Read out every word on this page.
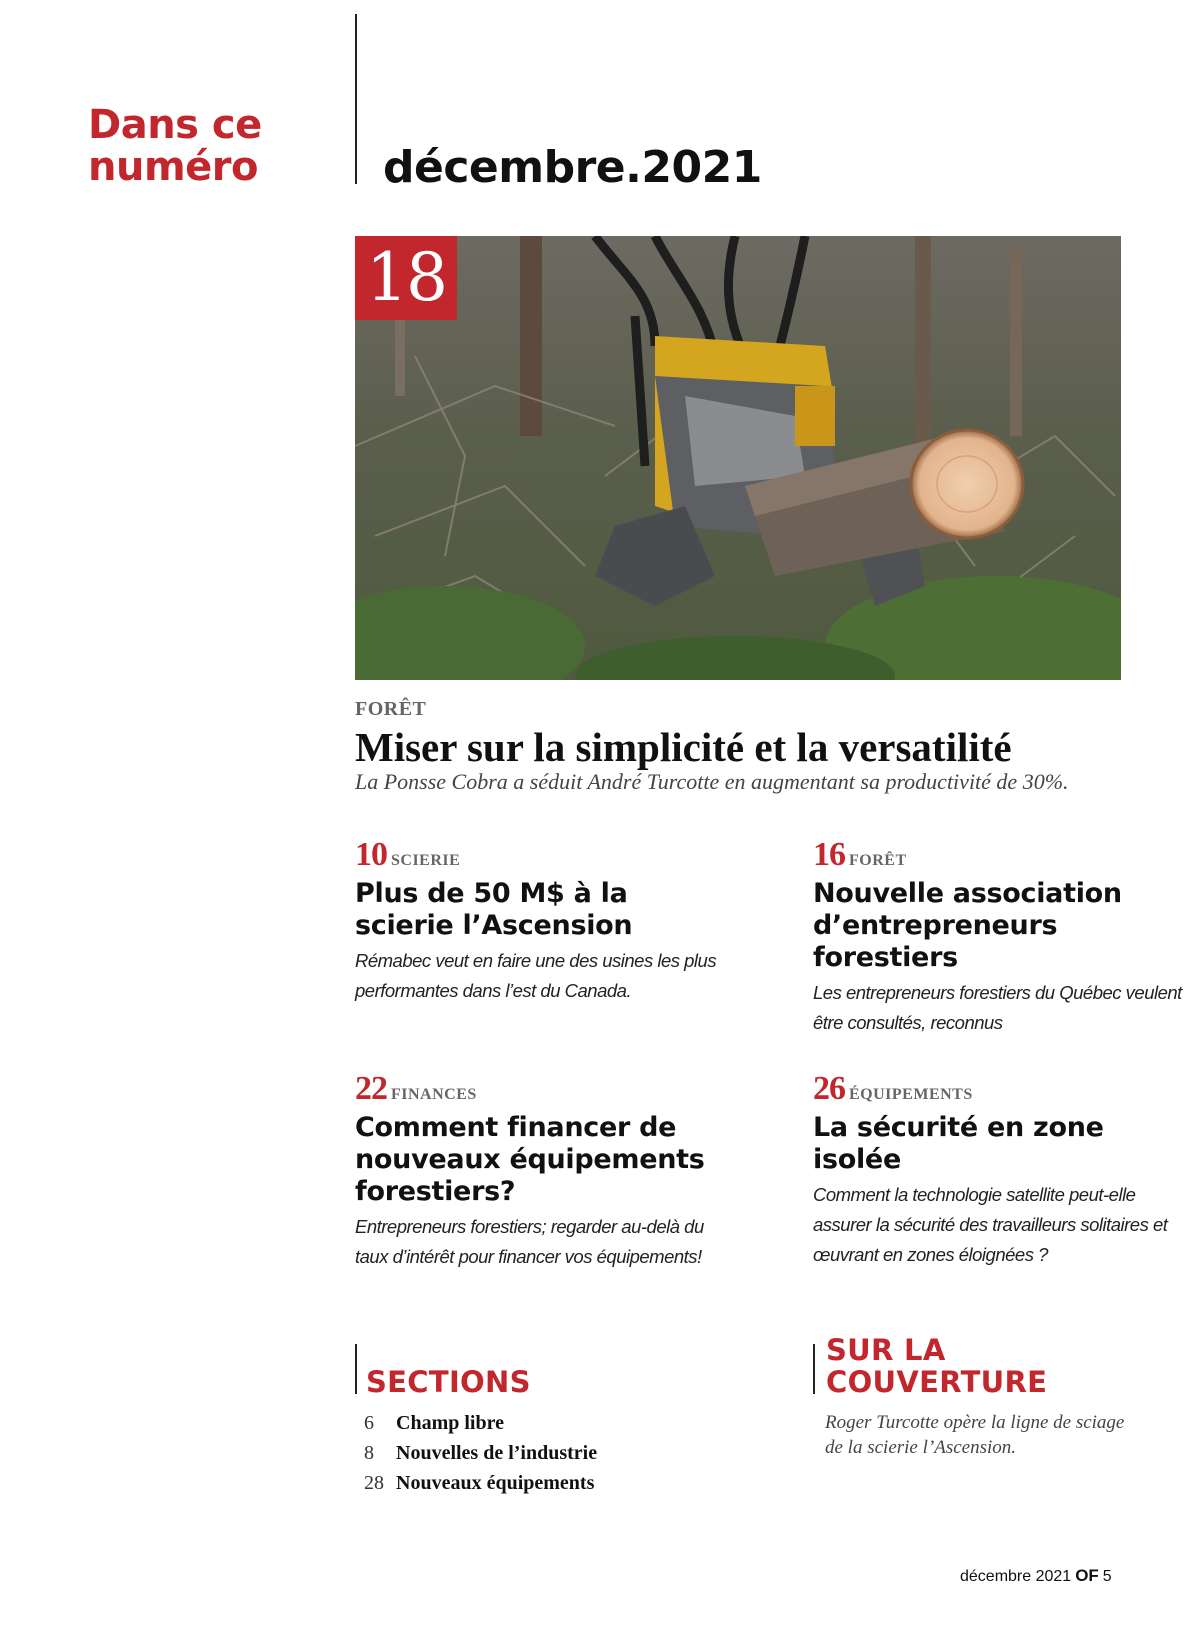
Dans ce
numéro	décembre.2021
18
FORÊT
Miser sur la simplicité et la versatilité
La Ponsse Cobra a séduit André Turcotte en augmentant sa productivité de 30%.
10 SCIERIE
Plus de 50 M$ à la scierie l’Ascension
Rémabec veut en faire une des usines les plus performantes dans l’est du Canada.
16 FORÊT
Nouvelle association d’entrepreneurs forestiers
Les entrepreneurs forestiers du Québec veulent être consultés, reconnus
22 FINANCES
Comment financer de nouveaux équipements forestiers?
Entrepreneurs forestiers; regarder au-delà du taux d’intérêt pour financer vos équipements!
26 ÉQUIPEMENTS
La sécurité en zone isolée
Comment la technologie satellite peut-elle assurer la sécurité des travailleurs solitaires et œuvrant en zones éloignées ?
SECTIONS
6 Champ libre
8 Nouvelles de l’industrie
28 Nouveaux équipements
SUR LA
COUVERTURE
Roger Turcotte opère la ligne de sciage de la scierie l’Ascension.
décembre 2021 OF 5
